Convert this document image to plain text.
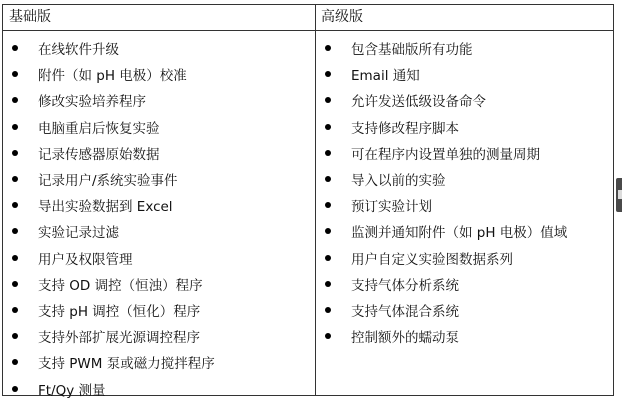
基础版	高级版
在线软件升级
附件（如 pH 电极）校准
修改实验培养程序
电脑重启后恢复实验
记录传感器原始数据
记录用户/系统实验事件
导出实验数据到 Excel
实验记录过滤
用户及权限管理
支持 OD 调控（恒浊）程序
支持 pH 调控（恒化）程序
支持外部扩展光源调控程序
支持 PWM 泵或磁力搅拌程序
Ft/Qy 测量
包含基础版所有功能
Email 通知
允许发送低级设备命令
支持修改程序脚本
可在程序内设置单独的测量周期
导入以前的实验
预订实验计划
监测并通知附件（如 pH 电极）值域
用户自定义实验图数据系列
支持气体分析系统
支持气体混合系统
控制额外的蠕动泵
